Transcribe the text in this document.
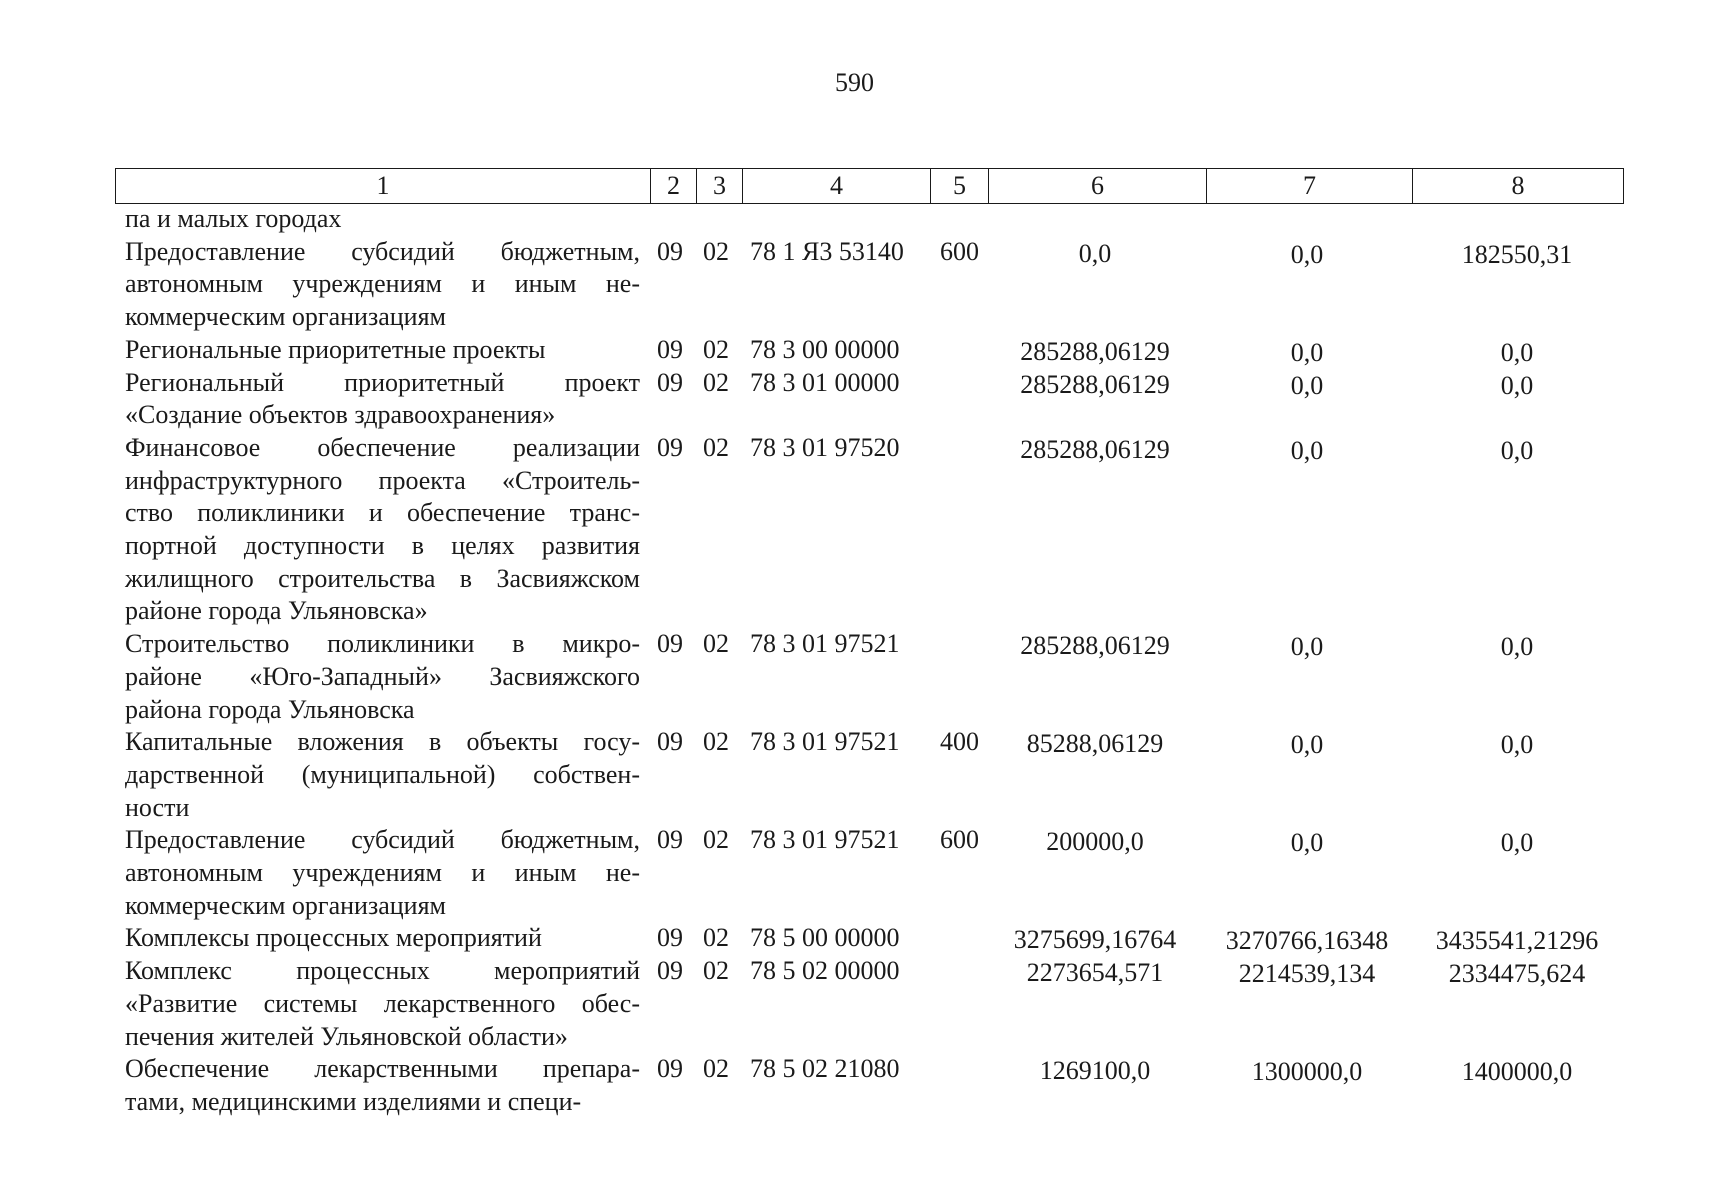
590
1	2	3	4	5	6	7	8
па и малых городах
Предоставление субсидий бюджетным,
автономным учреждениям и иным не-
коммерческим организациям
09 02 78 1 Я3 53140 600	0,0	0,0	182550,31
Региональные приоритетные проекты	09 02 78 3 00 00000	285288,06129	0,0	0,0
Региональный приоритетный проект
«Создание объектов здравоохранения»
09 02 78 3 01 00000	285288,06129	0,0	0,0
Финансовое обеспечение реализации
инфраструктурного проекта «Строитель-
ство поликлиники и обеспечение транс-
портной доступности в целях развития
жилищного строительства в Засвияжском
районе города Ульяновска»
09 02 78 3 01 97520	285288,06129	0,0	0,0
Строительство поликлиники в микро-
районе «Юго-Западный» Засвияжского
района города Ульяновска
09 02 78 3 01 97521	285288,06129	0,0	0,0
Капитальные вложения в объекты госу-
дарственной (муниципальной) собствен-
ности
09 02 78 3 01 97521 400	85288,06129	0,0	0,0
Предоставление субсидий бюджетным,
автономным учреждениям и иным не-
коммерческим организациям
09 02 78 3 01 97521 600	200000,0	0,0	0,0
Комплексы процессных мероприятий	09 02 78 5 00 00000	3275699,16764	3270766,16348	3435541,21296
Комплекс процессных мероприятий
«Развитие системы лекарственного обес-
печения жителей Ульяновской области»
09 02 78 5 02 00000	2273654,571	2214539,134	2334475,624
Обеспечение лекарственными препара-
тами, медицинскими изделиями и специ-
09 02 78 5 02 21080	1269100,0	1300000,0	1400000,0
